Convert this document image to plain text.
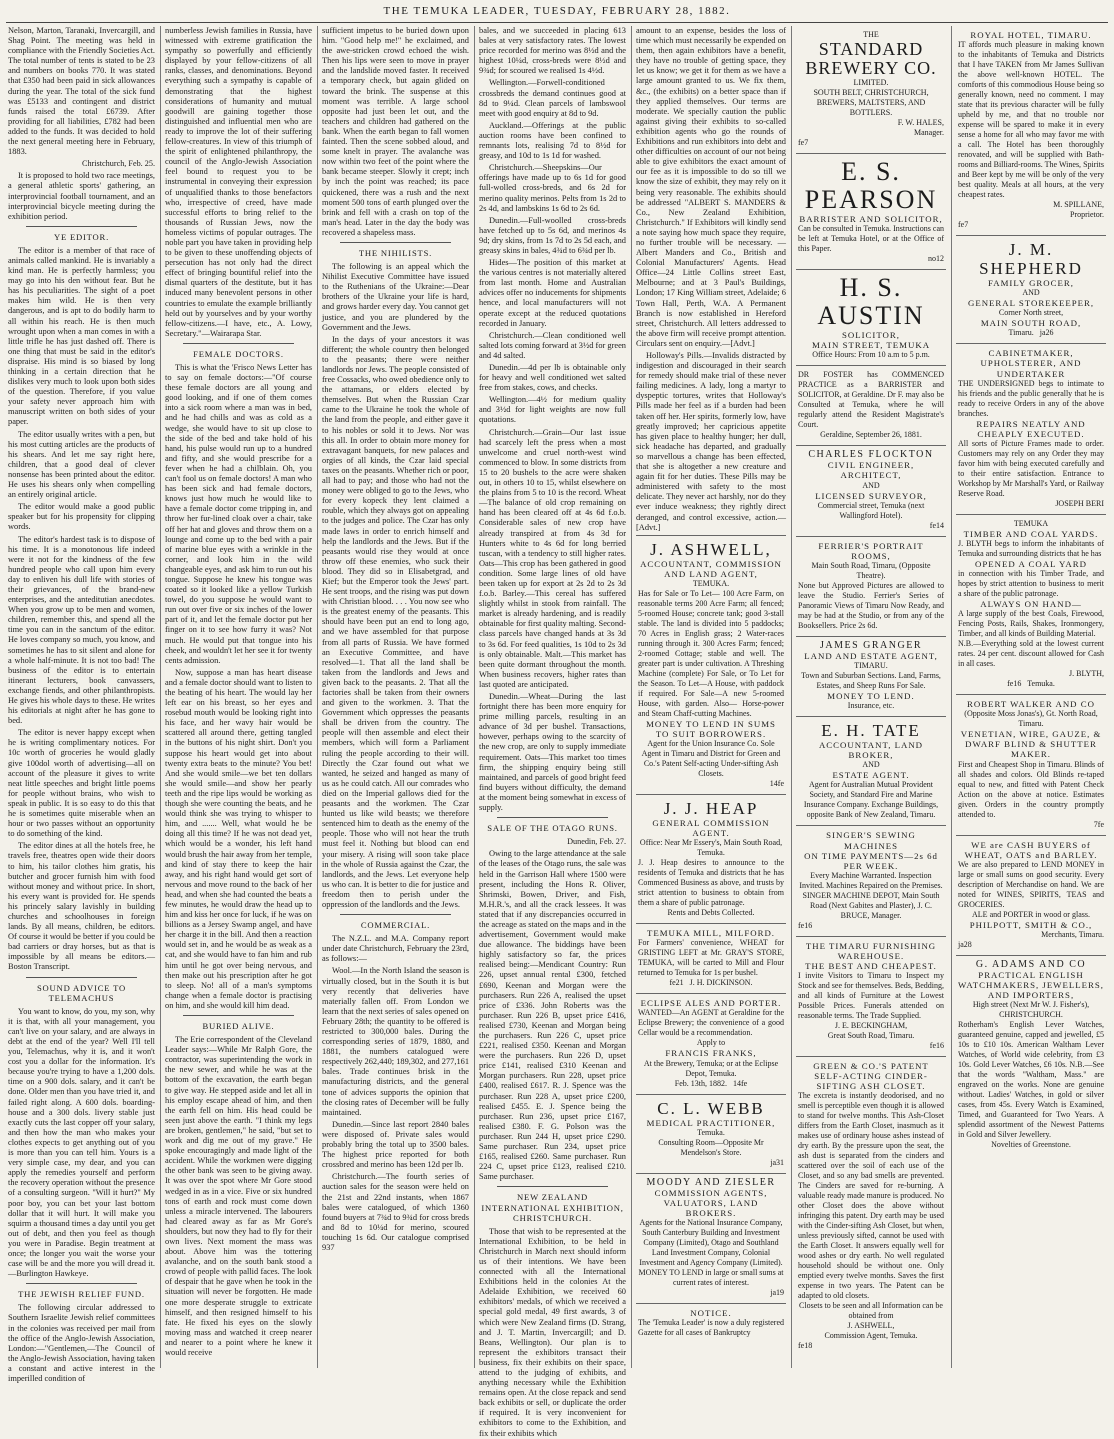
THE TEMUKA LEADER, TUESDAY, FEBRUARY 28, 1882.

Nelson, Marton, Taranaki, Invercargill, and Shag Point. The meeting was held in compliance with the Friendly Societies Act. The total number of tents is stated to be 23 and numbers on books 770. It was stated that £350 had been paid in sick allowances during the year. The total of the sick fund was £5133 and contingent and district funds raised the total £6739. After providing for all liabilities, £782 had been added to the funds. It was decided to hold the next general meeting here in February, 1883.

Christchurch, Feb. 25.

It is proposed to hold two race meetings, a general athletic sports' gathering, an interprovincial football tournament, and an interprovincial bicycle meeting during the exhibition period.

YE EDITOR.

The editor is a member of that race of animals called mankind. He is invariably a kind man. He is perfectly harmless; you may go into his den without fear. But he has his peculiarities. The sight of a poet makes him wild. He is then very dangerous, and is apt to do bodily harm to all within his reach. He is then much wrought upon when a man comes in with a little trifle he has just dashed off. There is one thing that must be said in the editor's dispraise. His mind is so biased by long thinking in a certain direction that he dislikes very much to look upon both sides of the question. Therefore, if you value your safety never approach him with manuscript written on both sides of your paper.

The editor usually writes with a pen, but his most cutting articles are the products of his shears. And let me say right here, children, that a good deal of clever nonsense has been printed about the editor. He uses his shears only when compelling an entirely original article.

The editor would make a good public speaker but for his propensity for clipping words.

The editor's hardest task is to dispose of his time. It is a monotonous life indeed were it not for the kindness of the few hundred people who call upon him every day to enliven his dull life with stories of their grievances, of the brand-new enterprises, and the anteditutian anecdotes. When you grow up to be men and women, children, remember this, and spend all the time you can in the sanctum of the editor. He loves company so much, you know, and sometimes he has to sit silent and alone for a whole half-minute. It is not too bad! The business of the editor is to entertain itinerant lecturers, book canvassers, exchange fiends, and other philanthropists. He gives his whole days to these. He writes his editorials at night after he has gone to bed.

The editor is never happy except when he is writing complimentary notices. For 10c worth of groceries he would gladly give 100dol worth of advertising—all on account of the pleasure it gives to write neat little speeches and bright little poems for people without brains, who wish to speak in public. It is so easy to do this that he is sometimes quite miserable when an hour or two passes without an opportunity to do something of the kind.

The editor dines at all the hotels free, he travels free, theatres open wide their doors to him, his tailor clothes him gratis, his butcher and grocer furnish him with food without money and without price. In short, his every want is provided for. He spends his princely salary lavishly in building churches and schoolhouses in foreign lands. By all means, children, be editors. Of course it would be better if you could be bad carriers or dray horses, but as that is impossible by all means be editors.—Boston Transcript.

SOUND ADVICE TO TELEMACHUS

You want to know, do you, my son, why it is that, with all your management, you can't live on your salary, and are always in debt at the end of the year? Well I'll tell you, Telemachus, why it is, and it won't cost you a dollar for the information. It's because you're trying to have a 1,200 dols. time on a 900 dols. salary, and it can't be done. Older men than you have tried it, and failed right along. A 600 dols. boarding-house and a 300 dols. livery stable just exactly cuts the last copper off your salary, and then how the man who makes your clothes expects to get anything out of you is more than you can tell him. Yours is a very simple case, my dear, and you can apply the remedies yourself and perform the recovery operation without the presence of a consulting surgeon. "Will it hurt?" My poor boy, you can bet your last bottom dollar that it will hurt. It will make you squirm a thousand times a day until you get out of debt, and then you feel as though you were in Paradise. Begin treatment at once; the longer you wait the worse your case will be and the more you will dread it.—Burlington Hawkeye.

THE JEWISH RELIEF FUND.

The following circular addressed to Southern Israelite Jewish relief committees in the colonies was received per mail from the office of the Anglo-Jewish Association, London:—"Gentlemen,—The Council of the Anglo-Jewish Association, having taken a constant and active interest in the imperilled condition of

numberless Jewish families in Russia, have witnessed with extreme gratification the sympathy so powerfully and efficiently displayed by your fellow-citizens of all ranks, classes, and denominations. Beyond everything such a sympathy is capable of demonstrating that the highest considerations of humanity and mutual goodwill are gaining together those distinguished and influential men who are ready to improve the lot of their suffering fellow-creatures. In view of this triumph of the spirit of enlightened philanthropy, the council of the Anglo-Jewish Association feel bound to request you to be instrumental in conveying their expression of unqualified thanks to those benefactors who, irrespective of creed, have made successful efforts to bring relief to the thousands of Russian Jews, now the homeless victims of popular outrages. The noble part you have taken in providing help to be given to these unoffending objects of persecution has not only had the direct effect of bringing bountiful relief into the dismal quarters of the destitute, but it has induced many benevolent persons in other countries to emulate the example brilliantly held out by yourselves and by your worthy fellow-citizens.—I have, etc., A. Lowy, Secretary."—Wairarapa Star.

FEMALE DOCTORS.

This is what the 'Frisco News Letter has to say on female doctors:—"Of course these female doctors are all young and good looking, and if one of them comes into a sick room where a man was in bed, and he had chills and was as cold as a wedge, she would have to sit up close to the side of the bed and take hold of his hand, his pulse would run up to a hundred and fifty, and she would prescribe for a fever when he had a chilblain. Oh, you can't fool us on female doctors! A man who has been sick and had female doctors, knows just how much he would like to have a female doctor come tripping in, and throw her fur-lined cloak over a chair, take off her hat and gloves and throw them on a lounge and come up to the bed with a pair of marine blue eyes with a wrinkle in the corner, and look him in the wild changeable eyes, and ask him to run out his tongue. Suppose he knew his tongue was coated so it looked like a yellow Turkish towel, do you suppose he would want to run out over five or six inches of the lower part of it, and let the female doctor put her finger on it to see how furry it was? Not much. He would put that tongue into his cheek, and wouldn't let her see it for twenty cents admission.

Now, suppose a man has heart disease and a female doctor should want to listen to the beating of his heart. The would lay her left ear on his breast, so her eyes and rosebud mouth would be looking right into his face, and her wavy hair would be scattered all around there, getting tangled in the buttons of his night shirt. Don't you suppose his heart would get into about twenty extra beats to the minute? You bet! And she would smile—we bet ten dollars she would smile—and show her pearly teeth and the ripe lips would be working as though she were counting the beats, and he would think she was trying to whisper to him, and ....... Well, what would he be doing all this time? If he was not dead yet, which would be a wonder, his left hand would brush the hair away from her temple, and kind of stay there to keep the hair away, and his right hand would get sort of nervous and move round to the back of her head, and when she had counted the beats a few minutes, he would draw the head up to him and kiss her once for luck, if he was on billions as a Jersey Swamp angel, and have her charge it in the bill. And then a reaction would set in, and he would be as weak as a cat, and she would have to fan him and rub him until he got over being nervous, and then make out his prescription after he got to sleep. No! all of a man's symptoms change when a female doctor is practising on him, and she would kill him dead.

BURIED ALIVE.

The Erie correspondent of the Cleveland Leader says:—While Mr Ralph Gore, the contractor, was superintending the work in the new sewer, and while he was at the bottom of the excavation, the earth began to give way. He stepped aside and let all in his employ escape ahead of him, and then the earth fell on him. His head could be seen just above the earth. "I think my legs are broken, gentlemen," he said, "but set to work and dig me out of my grave." He spoke encouragingly and made light of the accident. While the workmen were digging the other bank was seen to be giving away. It was over the spot where Mr Gore stood wedged in as in a vice. Five or six hundred tons of earth and rock must come down unless a miracle intervened. The labourers had cleared away as far as Mr Gore's shoulders, but now they had to fly for their own lives. Next moment the mass was about. Above him was the tottering avalanche, and on the south bank stood a crowd of people with pallid faces. The look of despair that he gave when he took in the situation will never be forgotten. He made one more desperate struggle to extricate himself, and then resigned himself to his fate. He fixed his eyes on the slowly moving mass and watched it creep nearer and nearer to a point where he knew it would receive

sufficient impetus to be buried down upon him. "Good help me!" he exclaimed, and the awe-stricken crowd echoed the wish. Then his lips were seen to move in prayer and the landslide moved faster. It received a temporary check, but again glided on toward the brink. The suspense at this moment was terrible. A large school opposite had just been let out, and the teachers and children had gathered on the bank. When the earth began to fall women fainted. Then the scene sobbed aloud, and some knelt in prayer. The avalanche was now within two feet of the point where the bank became steeper. Slowly it crept; inch by inch the point was reached; its pace quickened, there was a rush and the next moment 500 tons of earth plunged over the brink and fell with a crash on top of the man's head. Later in the day the body was recovered a shapeless mass.

THE NIHILISTS.

The following is an appeal which the Nihilist Executive Committee have issued to the Ruthenians of the Ukraine:—Dear brothers of the Ukraine your life is hard, and grows harder every day. You cannot get justice, and you are plundered by the Government and the Jews.

In the days of your ancestors it was different; the whole country then belonged to the peasants; there were neither landlords nor Jews. The people consisted of free Cossacks, who owed obedience only to the attamans, or elders elected by themselves. But when the Russian Czar came to the Ukraine he took the whole of the land from the people, and either gave it to his nobles or sold it to Jews. Nor was this all. In order to obtain more money for extravagant banquets, for new palaces and orgies of all kinds, the Czar laid special taxes on the peasants. Whether rich or poor, all had to pay; and those who had not the money were obliged to go to the Jews, who for every kopeck they lent claimed a rouble, which they always got on appealing to the judges and police. The Czar has only made laws in order to enrich himself and help the landlords and the Jews. But if the peasants would rise they would at once throw off these enemies, who suck their blood. They did so in Elisabetgrad, and Kief; but the Emperor took the Jews' part. He sent troops, and the rising was put down with Christian blood. . . . You now see who is the greatest enemy of the peasants. This should have been put an end to long ago, and we have assembled for that purpose from all parts of Russia. We have formed an Executive Committee, and have resolved—1. That all the land shall be taken from the landlords and Jews and given back to the peasants. 2. That all the factories shall be taken from their owners and given to the workmen. 3. That the Government which oppresses the peasants shall be driven from the country. The people will then assemble and elect their members, which will form a Parliament ruling the people according to their will. Directly the Czar found out what we wanted, he seized and hanged as many of us as he could catch. All our comrades who died on the Imperial gallows died for the peasants and the workmen. The Czar hunted us like wild beasts; we therefore sentenced him to death as the enemy of the people. Those who will not hear the truth must feel it. Nothing but blood can end your misery. A rising will soon take place in the whole of Russia against the Czar, the landlords, and the Jews. Let everyone help us who can. It is better to die for justice and freedom then to perish under the oppression of the landlords and the Jews.

COMMERCIAL.

The N.Z.L. and M.A. Company report under date Christchurch, February the 23rd, as follows:—

Wool.—In the North Island the season is virtually closed, but in the South it is but very recently that deliveries have materially fallen off. From London we learn that the next series of sales opened on February 28th; the quantity to be offered is restricted to 300,000 bales. During the corresponding series of 1879, 1880, and 1881, the numbers catalogued were respectively 262,440; 189,302, and 277,161 bales. Trade continues brisk in the manufacturing districts, and the general tone of advices supports the opinion that the closing rates of December will be fully maintained.

Dunedin.—Since last report 2840 bales were disposed of. Private sales would probably bring the total up to 3500 bales. The highest price reported for both crossbred and merino has been 12d per lb.

Christchurch.—The fourth series of auction sales for the season were held on the 21st and 22nd instants, when 1867 bales were catalogued, of which 1360 found buyers at 7¾d to 9¾d for cross breds and 8d to 10¼d for merino, scoured touching 1s 6d. Our catalogue comprised 937

bales, and we succeeded in placing 613 bales at very satisfactory rates. The lowest price recorded for merino was 8½d and the highest 10¼d, cross-breds were 8½d and 9¾d; for scoured we realised 1s 4½d.

Wellington.—Forwell-conditioned crossbreds the demand continues good at 8d to 9¼d. Clean parcels of lambswool meet with good enquiry at 8d to 9d.

Auckland.—Offerings at the public auction rooms have been confined to remnants lots, realising 7d to 8½d for greasy, and 10d to 1s 1d for washed.

Christchurch.—Sheepskins—Our offerings have made up to 6s 1d for good full-wolled cross-breds, and 6s 2d for merino quality merinos. Pelts from 1s 2d to 2s 4d, and lambskins 1s 6d to 2s 6d.

Dunedin.—Full-woolled cross-breds have fetched up to 5s 6d, and merinos 4s 9d; dry skins, from 1s 7d to 2s 5d each, and greasy skins in bales, 4¾d to 6¾d per lb.

Hides—The position of this market at the various centres is not materially altered from last month. Home and Australian advices offer no inducements for shipments hence, and local manufacturers will not operate except at the reduced quotations recorded in January.

Christchurch.—Clean conditioned well salted lots coming forward at 3½d for green and 4d salted.

Dunedin.—4d per lb is obtainable only for heavy and well conditioned wet salted free from stakes, cows, and checks.

Wellington.—4½ for medium quality and 3½d for light weights are now full quotations.

Christchurch.—Grain—Our last issue had scarcely left the press when a most unwelcome and cruel north-west wind commenced to blow. In some districts from 15 to 20 bushels to the acre were shaken out, in others 10 to 15, whilst elsewhere on the plains from 5 to 10 is the record. Wheat—The balance of old crop remaining on hand has been cleared off at 4s 6d f.o.b. Considerable sales of new crop have already transpired at from 4s 3d for Hunters white to 4s 6d for long berried tuscan, with a tendency to still higher rates. Oats—This crop has been gathered in good condition. Some large lines of old have been taken up for export at 2s 2d to 2s 3d f.o.b. Barley.—This cereal has suffered slightly whilst in stook from rainfall. The market is already hardening, and is readily obtainable for first quality malting. Second-class parcels have changed hands at 3s 3d to 3s 6d. For feed qualities, 1s 10d to 2s 3d is only obtainable. Malt.—This market has been quite dormant throughout the month. When business recovers, higher rates than last quoted are anticipated.

Dunedin.—Wheat—During the last fortnight there has been more enquiry for prime milling parcels, resulting in an advance of 3d per bushel. Transactions, however, perhaps owing to the scarcity of the new crop, are only to supply immediate requirement. Oats—This market too times firm, the shipping enquiry being still maintained, and parcels of good bright feed find buyers without difficulty, the demand at the moment being somewhat in excess of supply.

SALE OF THE OTAGO RUNS.
Dunedin, Feb. 27.

Owing to the large attendance at the sale of the leases of the Otago runs, the sale was held in the Garrison Hall where 1500 were present, including the Hons R. Oliver, Shrimski, Bowen, Driver, and Fish, M.H.R.'s, and all the crack lessees. It was stated that if any discrepancies occurred in the acreage as stated on the maps and in the advertisement, Government would make due allowance. The biddings have been highly satisfactory so far, the prices realised being:—Mendicant Country: Run 226, upset annual rental £300, fetched £690, Keenan and Morgan were the purchasers. Run 226 A, realised the upset price of £336. John Roberts was the purchaser. Run 226 B, upset price £416, realised £730, Keenan and Morgan being the purchasers. Run 226 C, upset price £221, realised £350. Keenan and Morgan were the purchasers. Run 226 D, upset price £141, realised £310 Keenan and Morgan purchasers. Run 228, upset price £400, realised £617. R. J. Spence was the purchaser. Run 228 A, upset price £200, realised £455. E. J. Spence being the purchaser. Run 236, upset price £167, realised £380. F. G. Polson was the purchaser. Run 244 H, upset price £290. Same purchaser. Run 234, upset price £165, realised £260. Same purchaser. Run 224 C, upset price £123, realised £210. Same purchaser.

NEW ZEALAND INTERNATIONAL EXHIBITION, CHRISTCHURCH.

Those that wish to be represented at the International Exhibition, to be held in Christchurch in March next should inform us of their intentions. We have been connected with all the International Exhibitions held in the colonies At the Adelaide Exhibition, we received 60 exhibitors' medals, of which we received a special gold medal, 49 first awards, 3 of which were New Zealand firms (D. Strang, and J. T. Martin, Invercargill; and D. Beans, Wellington). Our plan is to represent the exhibitors transact their business, fix their exhibits on their space, attend to the judging of exhibits, and anything necessary while the Exhibition remains open. At the close repack and send back exhibits or sell, or duplicate the order if required. It is very inconvenient for exhibitors to come to the Exhibition, and fix their exhibits which

amount to an expense, besides the loss of time which must necessarily be expended on them, then again exhibitors have a benefit, they have no trouble of getting space, they let us know; we get it for them as we have a large amount granted to us. We fix them, &c., (the exhibits) on a better space than if they applied themselves. Our terms are moderate. We specially caution the public against giving their exhibits to so-called exhibition agents who go the rounds of Exhibitions and run exhibitors into debt and other difficulties on account of our not being able to give exhibitors the exact amount of our fee as it is impossible to do so till we know the size of exhibit, they may rely on it being very reasonable. The exhibits should be addressed "ALBERT S. MANDERS & Co., New Zealand Exhibition, Christchurch." If Exhibitors will kindly send a note saying how much space they require, no further trouble will be necessary. —Albert Manders and Co., British and Colonial Manufacturers' Agents. Head Office—24 Little Collins street East, Melbourne; and at 3 Paul's Buildings, London; 17 King William street, Adelaide; 6 Town Hall, Perth, W.A. A Permanent Branch is now established in Hereford street, Christchurch. All letters addressed to the above firm will receive prompt attention. Circulars sent on enquiry.—[Advt.]

Holloway's Pills.—Invalids distracted by indigestion and discouraged in their search for remedy should make trial of these never failing medicines. A lady, long a martyr to dyspeptic tortures, writes that Holloway's Pills made her feel as if a burden had been taken off her. Her spirits, formerly low, have greatly improved; her capricious appetite has given place to healthy hunger; her dull, sick headache has departed, and gradually so marvellous a change has been effected, that she is altogether a new creature and again fit for her duties. These Pills may be administered with safety to the most delicate. They never act harshly, nor do they ever induce weakness; they rightly direct deranged, and control excessive, action.—[Advt.]

J. ASHWELL,
ACCOUNTANT, COMMISSION AND LAND AGENT,
TEMUKA.
Has for Sale or To Let— 100 Acre Farm, on reasonable terms 200 Acre Farm; all fenced; 5-roomed House; concrete tank; good 3-stall stable. The land is divided into 5 paddocks; 70 Acres in English grass; 2 Water-races running through it. 300 Acres Farm; fenced; 2-roomed Cottage; stable and well. The greater part is under cultivation. A Threshing Machine (complete) For Sale, or To Let for the Season. To Let—A House, with paddock if required. For Sale—A new 5-roomed House, with garden. Also— Horse-power and Steam Chaff-cutting Machines.
MONEY TO LEND IN SUMS TO SUIT BORROWERS.
Agent for the Union Insurance Co. Sole Agent in Timaru and District for Green and Co.'s Patent Self-acting Under-sifting Ash Closets.
14fe
J. J. HEAP
GENERAL COMMISSION AGENT.
Office: Near Mr Essery's, Main South Road, Temuka.
J. J. Heap desires to announce to the residents of Temuka and districts that he has Commenced Business as above, and trusts by strict attention to business to obtain from them a share of public patronage.
Rents and Debts Collected.
TEMUKA MILL, MILFORD.
For Farmers' convenience, WHEAT for GRISTING LEFT at Mr. GRAY'S STORE, TEMUKA, will be carted to Mill and Flour returned to Temuka for 1s per bushel.
fe21 J. H. DICKINSON.
ECLIPSE ALES AND PORTER.
WANTED—An AGENT at Geraldine for the Eclipse Brewery; the convenience of a good Cellar would be a recommendation.
Apply to
FRANCIS FRANKS,
At the Brewery, Temuka; or at the Eclipse Depot, Temuka.
Feb. 13th, 1882. 14fe
C. L. WEBB
MEDICAL PRACTITIONER,
Temuka.
Consulting Room—Opposite Mr Mendelson's Store.
ja31
MOODY AND ZIESLER
COMMISSION AGENTS, VALUATORS, LAND BROKERS.
Agents for the National Insurance Company, South Canterbury Building and Investment Company (Limited), Otago and Southland Land Investment Company, Colonial Investment and Agency Company (Limited).
MONEY TO LEND in large or small sums at current rates of interest.
ja19
NOTICE.
The 'Temuka Leader' is now a duly registered Gazette for all cases of Bankruptcy
THE
STANDARD BREWERY CO.
LIMITED.
SOUTH BELT, CHRISTCHURCH,
BREWERS, MALTSTERS, AND BOTTLERS.
F. W. HALES,
Manager.
fe7
E. S. PEARSON
BARRISTER AND SOLICITOR,
Can be consulted in Temuka. Instructions can be left at Temuka Hotel, or at the Office of this Paper.
no12
H. S. AUSTIN
SOLICITOR,
MAIN STREET, TEMUKA
Office Hours: From 10 a.m to 5 p.m.
DR FOSTER has COMMENCED PRACTICE as a BARRISTER and SOLICITOR, at Geraldine. Dr F. may also be Consulted at Temuka, where he will regularly attend the Resident Magistrate's Court.
Geraldine, September 26, 1881.
CHARLES FLOCKTON
CIVIL ENGINEER, ARCHITECT,
AND
LICENSED SURVEYOR,
Commercial street, Temuka (next Wallingford Hotel).
fe14
FERRIER'S PORTRAIT ROOMS,
Main South Road, Timaru, (Opposite Theatre).
None but Approved Pictures are allowed to leave the Studio. Ferrier's Series of Panoramic Views of Timaru Now Ready, and may be had at the Studio, or from any of the Booksellers. Price 2s 6d.
JAMES GRANGER
LAND AND ESTATE AGENT,
TIMARU.
Town and Suburban Sections. Land, Farms, Estates, and Sheep Runs For Sale.
MONEY TO LEND.
Insurance, etc.
E. H. TATE
ACCOUNTANT, LAND BROKER,
AND
ESTATE AGENT.
Agent for Australian Mutual Provident Society, and Standard Fire and Marine Insurance Company. Exchange Buildings, opposite Bank of New Zealand, Timaru.
SINGER'S SEWING MACHINES
ON TIME PAYMENTS—2s 6d PER WEEK.
Every Machine Warranted. Inspection Invited. Machines Repaired on the Premises.
SINGER MACHINE DEPOT, Main South Road (Next Gabites and Plaster), J. C. BRUCE, Manager.
fe16
THE TIMARU FURNISHING WAREHOUSE.
THE BEST AND CHEAPEST.
I invite Visitors to Timaru to Inspect my Stock and see for themselves. Beds, Bedding, and all kinds of Furniture at the Lowest Possible Prices. Funerals attended on reasonable terms. The Trade Supplied.
J. E. BECKINGHAM,
Great South Road, Timaru.
fe16
GREEN & CO.'S PATENT SELF-ACTING CINDER-SIFTING ASH CLOSET.
The excreta is instantly deodorised, and no smell is perceptible even though it is allowed to stand for twelve months. This Ash-Closet differs from the Earth Closet, inasmuch as it makes use of ordinary house ashes instead of dry earth. By the pressure upon the seat, the ash dust is separated from the cinders and scattered over the soil of each use of the Closet, and so any bad smells are prevented. The Cinders are saved for re-burning. A valuable ready made manure is produced. No other Closet does the above without infringing this patent. Dry earth may be used with the Cinder-sifting Ash Closet, but when, unless previously sifted, cannot be used with the Earth Closet. It answers equally well for wood ashes or dry earth. No well regulated household should be without one. Only emptied every twelve months. Saves the first expense in two years. The Patent can be adapted to old closets.
Closets to be seen and all Information can be obtained from
J. ASHWELL,
Commission Agent, Temuka.
fe18
ROYAL HOTEL, TIMARU.
IT affords much pleasure in making known to the inhabitants of Temuka and Districts that I have TAKEN from Mr James Sullivan the above well-known HOTEL. The comforts of this commodious House being so generally known, need no comment. I may state that its previous character will be fully upheld by me, and that no trouble nor expense will be spared to make it in every sense a home for all who may favor me with a call. The Hotel has been thoroughly renovated, and will be supplied with Bath-rooms and Billiard-rooms. The Wines, Spirits and Beer kept by me will be only of the very best quality. Meals at all hours, at the very cheapest rates.
M. SPILLANE,
Proprietor.
fe7
J. M. SHEPHERD
FAMILY GROCER,
AND
GENERAL STOREKEEPER,
Corner North street,
MAIN SOUTH ROAD,
Timaru. ja26
CABINETMAKER, UPHOLSTERER, AND UNDERTAKER
THE UNDERSIGNED begs to intimate to his friends and the public generally that he is ready to receive Orders in any of the above branches.
REPAIRS NEATLY AND CHEAPLY EXECUTED.
All sorts of Picture Frames made to order. Customers may rely on any Order they may favor him with being executed carefully and to their entire satisfaction. Entrance to Workshop by Mr Marshall's Yard, or Railway Reserve Road.
JOSEPH BERI
TEMUKA
TIMBER AND COAL YARDS.
J. BLYTH begs to inform the inhabitants of Temuka and surrounding districts that he has
OPENED A COAL YARD
in connection with his Timber Trade, and hopes by strict attention to business to merit a share of the public patronage.
ALWAYS ON HAND—
A large supply of the best Coals, Firewood, Fencing Posts, Rails, Shakes, Ironmongery, Timber, and all kinds of Building Material.
N.B.—Everything sold at the lowest current rates. 24 per cent. discount allowed for Cash in all cases.
J. BLYTH,
fe16 Temuka.
ROBERT WALKER AND CO
(Opposite Moss Jonas's), Gt. North Road, Timaru.
VENETIAN, WIRE, GAUZE, & DWARF BLIND & SHUTTER MAKER.
First and Cheapest Shop in Timaru. Blinds of all shades and colors. Old Blinds re-taped equal to new, and fitted with Patent Check Action on the above at notice. Estimates given. Orders in the country promptly attended to.
7fe
WE are CASH BUYERS of WHEAT, OATS and BARLEY.
We are also prepared to LEND MONEY in large or small sums on good security. Every description of Merchandise on hand. We are noted for WINES, SPIRITS, TEAS and GROCERIES.
ALE and PORTER in wood or glass.
PHILPOTT, SMITH & CO.,
Merchants, Timaru.
ja28
G. ADAMS AND CO
PRACTICAL ENGLISH WATCHMAKERS, JEWELLERS, AND IMPORTERS,
High street (Next Mr W. J. Fisher's), CHRISTCHURCH.
Rotherham's English Lever Watches, guaranteed genuine, capped and jewelled, £5 10s to £10 10s. American Waltham Lever Watches, of World wide celebrity, from £3 10s. Gold Lever Watches, £6 10s. N.B.—See that the words "Waltham, Mass." are engraved on the works. None are genuine without. Ladies' Watches, in gold or silver cases, from 45s. Every Watch is Examined, Timed, and Guaranteed for Two Years. A splendid assortment of the Newest Patterns in Gold and Silver Jewellery.
Novelties of Greenstone.
